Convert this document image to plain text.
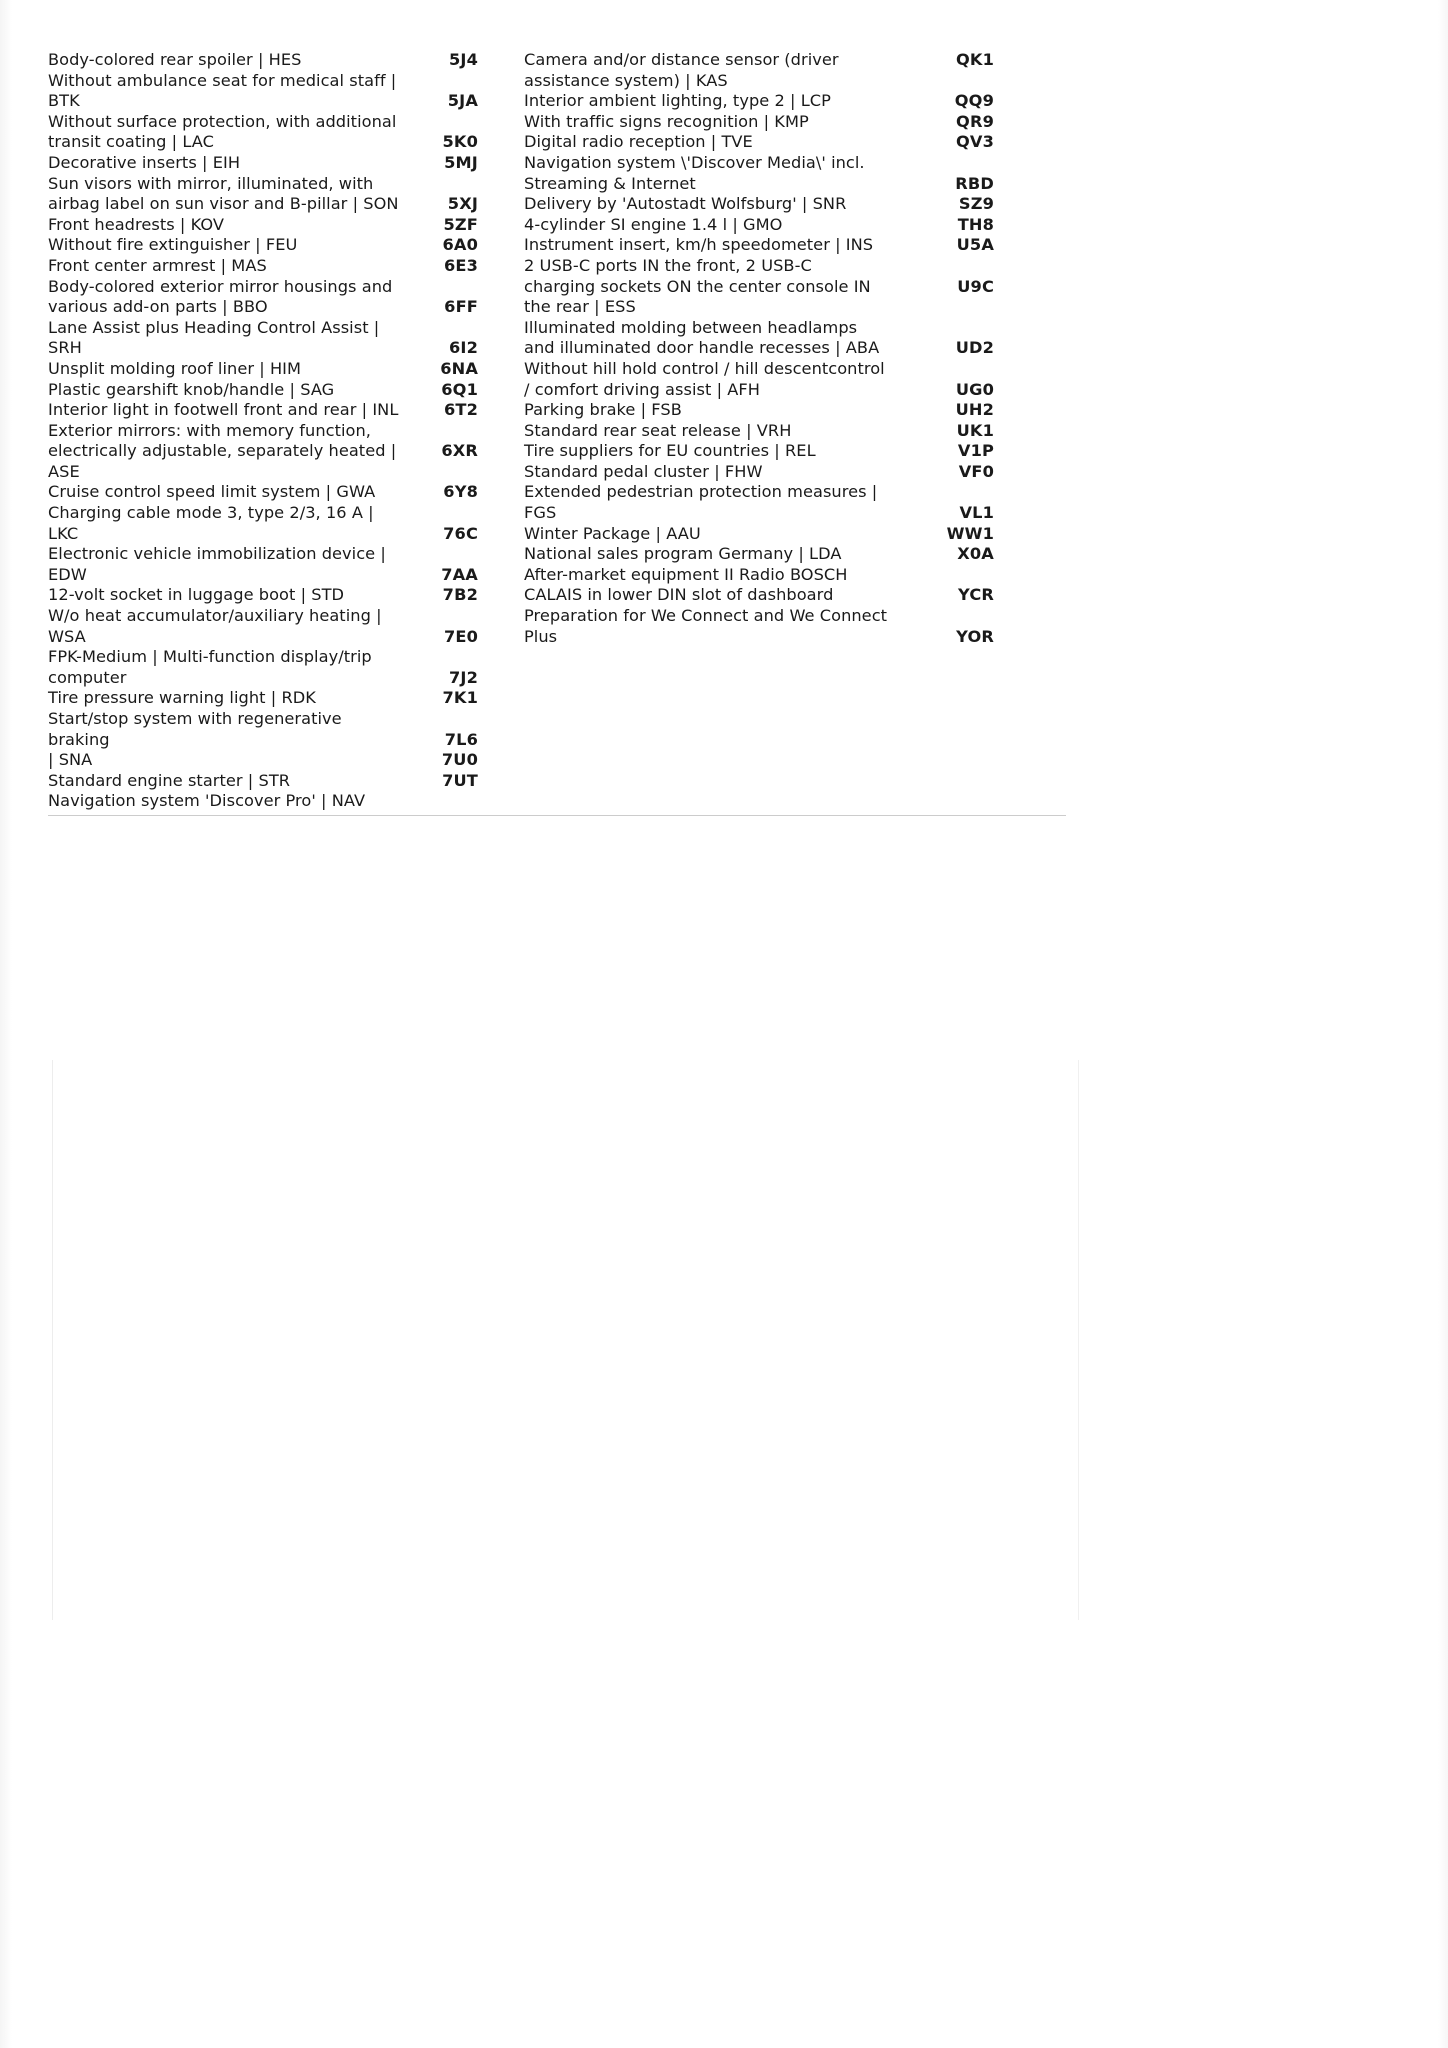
Body-colored rear spoiler | HES
Without ambulance seat for medical staff |
BTK
Without surface protection, with additional
transit coating | LAC
Decorative inserts | EIH
Sun visors with mirror, illuminated, with
airbag label on sun visor and B-pillar | SON
Front headrests | KOV
Without fire extinguisher | FEU
Front center armrest | MAS
Body-colored exterior mirror housings and
various add-on parts | BBO
Lane Assist plus Heading Control Assist |
SRH
Unsplit molding roof liner | HIM
Plastic gearshift knob/handle | SAG
Interior light in footwell front and rear | INL
Exterior mirrors: with memory function,
electrically adjustable, separately heated |
ASE
Cruise control speed limit system | GWA
Charging cable mode 3, type 2/3, 16 A |
LKC
Electronic vehicle immobilization device |
EDW
12-volt socket in luggage boot | STD
W/o heat accumulator/auxiliary heating |
WSA
FPK-Medium | Multi-function display/trip
computer
Tire pressure warning light | RDK
Start/stop system with regenerative braking
| SNA
Standard engine starter | STR
Navigation system 'Discover Pro' | NAV
5J4
5JA
5K0
5MJ
5XJ
5ZF
6A0
6E3
6FF
6I2
6NA
6Q1
6T2
6XR
6Y8
76C
7AA
7B2
7E0
7J2
7K1
7L6
7U0
7UT
Camera and/or distance sensor (driver
assistance system) | KAS
Interior ambient lighting, type 2 | LCP
With traffic signs recognition | KMP
Digital radio reception | TVE
Navigation system \'Discover Media\' incl.
Streaming & Internet
Delivery by 'Autostadt Wolfsburg' | SNR
4-cylinder SI engine 1.4 l | GMO
Instrument insert, km/h speedometer | INS
2 USB-C ports IN the front, 2 USB-C
charging sockets ON the center console IN
the rear | ESS
Illuminated molding between headlamps
and illuminated door handle recesses | ABA
Without hill hold control / hill descentcontrol
/ comfort driving assist | AFH
Parking brake | FSB
Standard rear seat release | VRH
Tire suppliers for EU countries | REL
Standard pedal cluster | FHW
Extended pedestrian protection measures |
FGS
Winter Package | AAU
National sales program Germany | LDA
After-market equipment II Radio BOSCH
CALAIS in lower DIN slot of dashboard
Preparation for We Connect and We Connect
Plus
QK1
QQ9
QR9
QV3
RBD
SZ9
TH8
U5A
U9C
UD2
UG0
UH2
UK1
V1P
VF0
VL1
WW1
X0A
YCR
YOR
